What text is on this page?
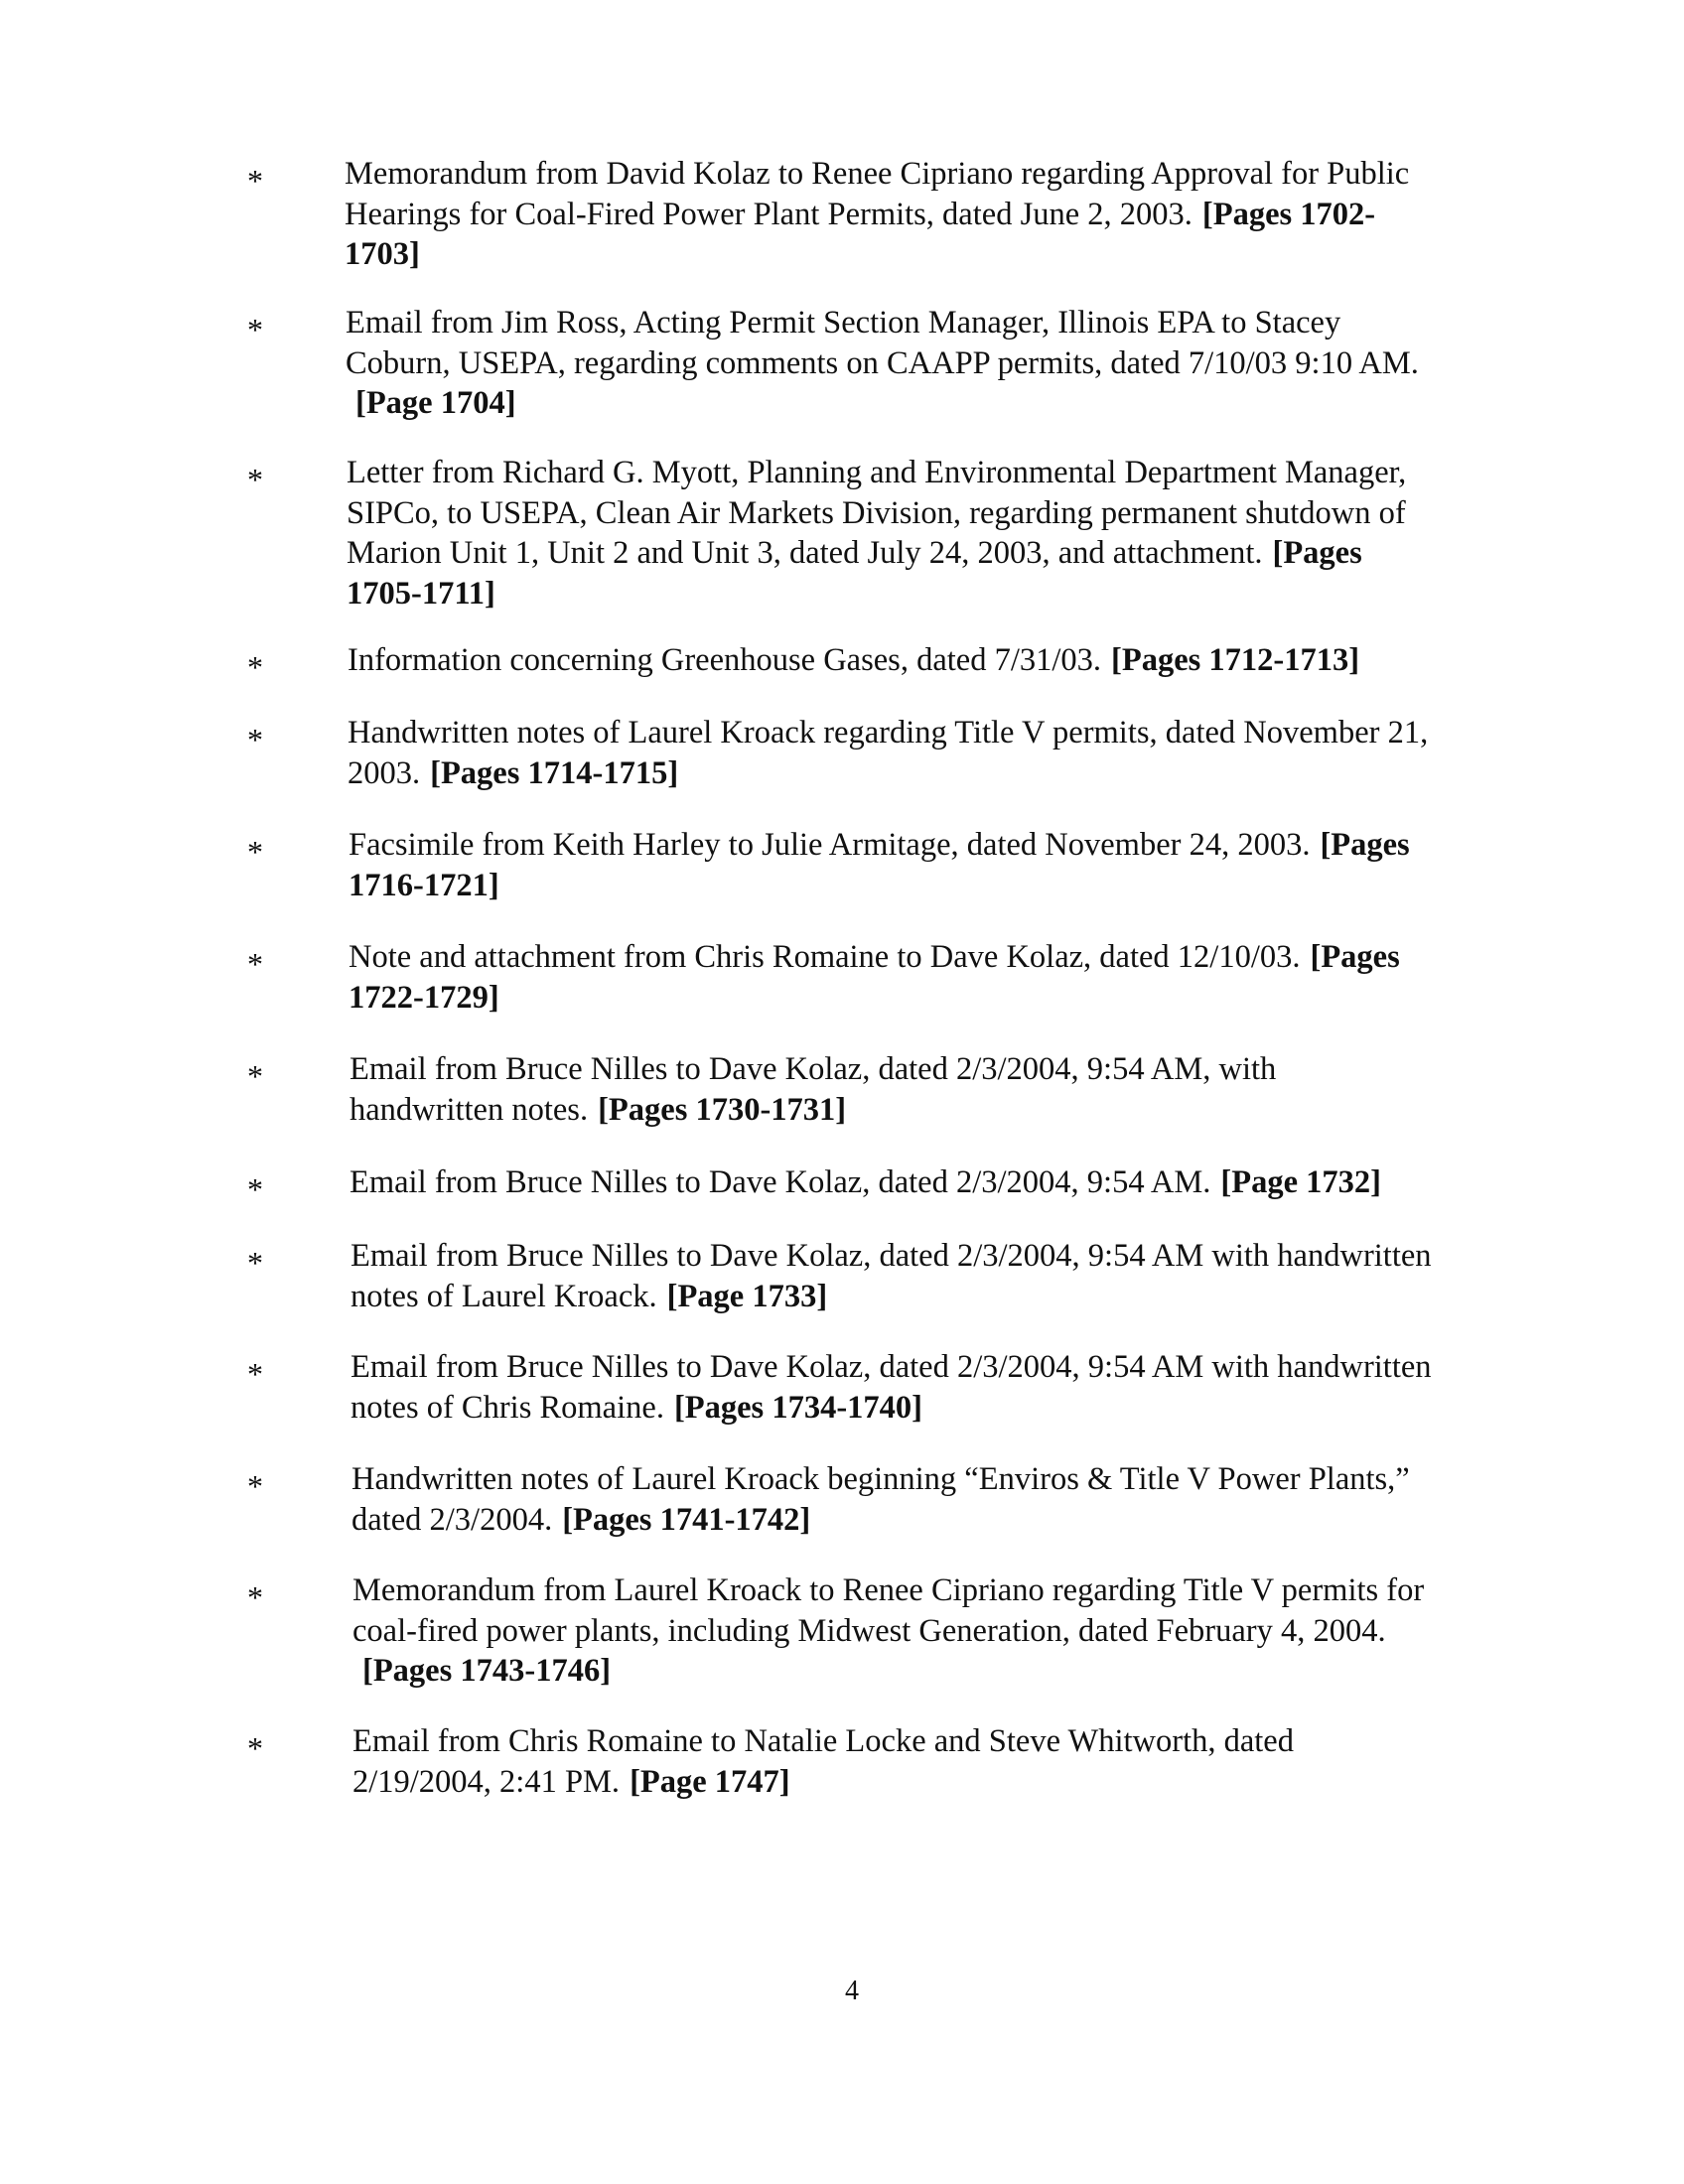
*	Memorandum from David Kolaz to Renee Cipriano regarding Approval for Public Hearings for Coal-Fired Power Plant Permits, dated June 2, 2003. [Pages 1702-1703]
*	Email from Jim Ross, Acting Permit Section Manager, Illinois EPA to Stacey Coburn, USEPA, regarding comments on CAAPP permits, dated 7/10/03 9:10 AM.[Page 1704]
*	Letter from Richard G. Myott, Planning and Environmental Department Manager, SIPCo, to USEPA, Clean Air Markets Division, regarding permanent shutdown of Marion Unit 1, Unit 2 and Unit 3, dated July 24, 2003, and attachment. [Pages 1705-1711]
*	Information concerning Greenhouse Gases, dated 7/31/03. [Pages 1712-1713]
*	Handwritten notes of Laurel Kroack regarding Title V permits, dated November 21, 2003. [Pages 1714-1715]
*	Facsimile from Keith Harley to Julie Armitage, dated November 24, 2003. [Pages 1716-1721]
*	Note and attachment from Chris Romaine to Dave Kolaz, dated 12/10/03. [Pages 1722-1729]
*	Email from Bruce Nilles to Dave Kolaz, dated 2/3/2004, 9:54 AM, with handwritten notes. [Pages 1730-1731]
*	Email from Bruce Nilles to Dave Kolaz, dated 2/3/2004, 9:54 AM. [Page 1732]
*	Email from Bruce Nilles to Dave Kolaz, dated 2/3/2004, 9:54 AM with handwritten notes of Laurel Kroack. [Page 1733]
*	Email from Bruce Nilles to Dave Kolaz, dated 2/3/2004, 9:54 AM with handwritten notes of Chris Romaine. [Pages 1734-1740]
*	Handwritten notes of Laurel Kroack beginning “Enviros & Title V Power Plants,” dated 2/3/2004. [Pages 1741-1742]
*	Memorandum from Laurel Kroack to Renee Cipriano regarding Title V permits for coal-fired power plants, including Midwest Generation, dated February 4, 2004.[Pages 1743-1746]
*	Email from Chris Romaine to Natalie Locke and Steve Whitworth, dated 2/19/2004, 2:41 PM. [Page 1747]
4
